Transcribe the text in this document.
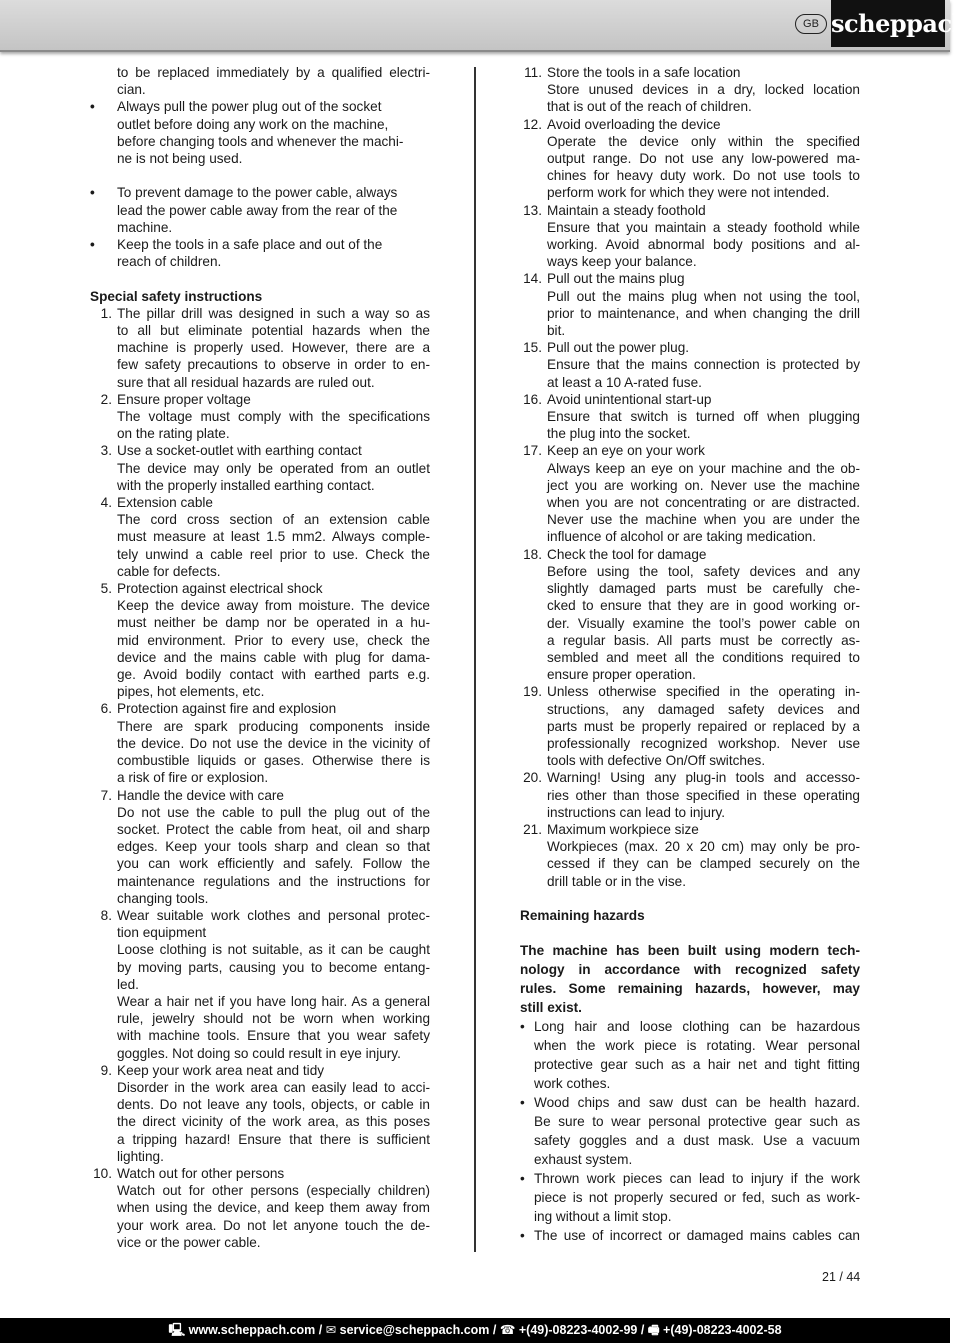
GB scheppach
to be replaced immediately by a qualified electri-
cian.
• Always pull the power plug out of the socket
outlet before doing any work on the machine,
before changing tools and whenever the machi-
ne is not being used.
• To prevent damage to the power cable, always
lead the power cable away from the rear of the
machine.
• Keep the tools in a safe place and out of the
reach of children.
Special safety instructions
1. The pillar drill was designed in such a way so as
to all but eliminate potential hazards when the
machine is properly used. However, there are a
few safety precautions to observe in order to en-
sure that all residual hazards are ruled out.
2. Ensure proper voltage
The voltage must comply with the specifications
on the rating plate.
3. Use a socket-outlet with earthing contact
The device may only be operated from an outlet
with the properly installed earthing contact.
4. Extension cable
The cord cross section of an extension cable
must measure at least 1.5 mm2. Always comple-
tely unwind a cable reel prior to use. Check the
cable for defects.
5. Protection against electrical shock
Keep the device away from moisture. The device
must neither be damp nor be operated in a hu-
mid environment. Prior to every use, check the
device and the mains cable with plug for dama-
ge. Avoid bodily contact with earthed parts e.g.
pipes, hot elements, etc.
6. Protection against fire and explosion
There are spark producing components inside
the device. Do not use the device in the vicinity of
combustible liquids or gases. Otherwise there is
a risk of fire or explosion.
7. Handle the device with care
Do not use the cable to pull the plug out of the
socket. Protect the cable from heat, oil and sharp
edges. Keep your tools sharp and clean so that
you can work efficiently and safely. Follow the
maintenance regulations and the instructions for
changing tools.
8. Wear suitable work clothes and personal protec-
tion equipment
Loose clothing is not suitable, as it can be caught
by moving parts, causing you to become entang-
led.
Wear a hair net if you have long hair. As a general
rule, jewelry should not be worn when working
with machine tools. Ensure that you wear safety
goggles. Not doing so could result in eye injury.
9. Keep your work area neat and tidy
Disorder in the work area can easily lead to acci-
dents. Do not leave any tools, objects, or cable in
the direct vicinity of the work area, as this poses
a tripping hazard! Ensure that there is sufficient
lighting.
10. Watch out for other persons
Watch out for other persons (especially children)
when using the device, and keep them away from
your work area. Do not let anyone touch the de-
vice or the power cable.
11. Store the tools in a safe location
Store unused devices in a dry, locked location
that is out of the reach of children.
12. Avoid overloading the device
Operate the device only within the specified
output range. Do not use any low-powered ma-
chines for heavy duty work. Do not use tools to
perform work for which they were not intended.
13. Maintain a steady foothold
Ensure that you maintain a steady foothold while
working. Avoid abnormal body positions and al-
ways keep your balance.
14. Pull out the mains plug
Pull out the mains plug when not using the tool,
prior to maintenance, and when changing the drill
bit.
15. Pull out the power plug.
Ensure that the mains connection is protected by
at least a 10 A-rated fuse.
16. Avoid unintentional start-up
Ensure that switch is turned off when plugging
the plug into the socket.
17. Keep an eye on your work
Always keep an eye on your machine and the ob-
ject you are working on. Never use the machine
when you are not concentrating or are distracted.
Never use the machine when you are under the
influence of alcohol or are taking medication.
18. Check the tool for damage
Before using the tool, safety devices and any
slightly damaged parts must be carefully che-
cked to ensure that they are in good working or-
der. Visually examine the tool’s power cable on
a regular basis. All parts must be correctly as-
sembled and meet all the conditions required to
ensure proper operation.
19. Unless otherwise specified in the operating in-
structions, any damaged safety devices and
parts must be properly repaired or replaced by a
professionally recognized workshop. Never use
tools with defective On/Off switches.
20. Warning! Using any plug-in tools and accesso-
ries other than those specified in these operating
instructions can lead to injury.
21. Maximum workpiece size
Workpieces (max. 20 x 20 cm) may only be pro-
cessed if they can be clamped securely on the
drill table or in the vise.
Remaining hazards
The machine has been built using modern tech-
nology in accordance with recognized safety
rules. Some remaining hazards, however, may
still exist.
• Long hair and loose clothing can be hazardous
when the work piece is rotating. Wear personal
protective gear such as a hair net and tight fitting
work cothes.
• Wood chips and saw dust can be health hazard.
Be sure to wear personal protective gear such as
safety goggles and a dust mask. Use a vacuum
exhaust system.
• Thrown work pieces can lead to injury if the work
piece is not properly secured or fed, such as work-
ing without a limit stop.
• The use of incorrect or damaged mains cables can
21 / 44
🖳 www.scheppach.com / ✉ service@scheppach.com / ☎ +(49)-08223-4002-99 / 🖷 +(49)-08223-4002-58
